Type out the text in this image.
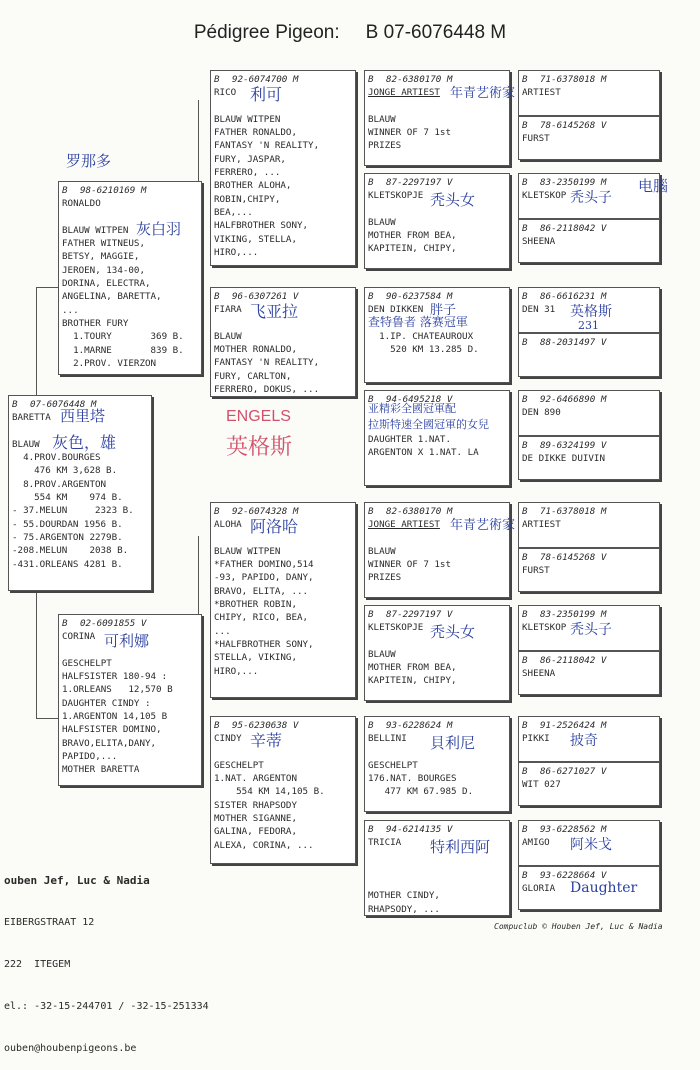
Pédigree Pigeon: B 07-6076448 M
B	07-6076448 M
BARETTA

BLAUW
4.PROV.BOURGES
476 KM 3,628 B.
8.PROV.ARGENTON
554 KM    974 B.
- 37.MELUN     2323 B.
- 55.DOURDAN 1956 B.
- 75.ARGENTON 2279B.
-208.MELUN    2038 B.
-431.ORLEANS 4281 B.
西里塔
灰色，雄
B	98-6210169 M
RONALDO

BLAUW WITPEN
FATHER WITNEUS,
BETSY, MAGGIE,
JEROEN, 134-00,
DORINA, ELECTRA,
ANGELINA, BARETTA,
...
BROTHER FURY
1.TOURY       369 B.
1.MARNE       839 B.
2.PROV. VIERZON
灰白羽
B	02-6091855 V
CORINA

GESCHELPT
HALFSISTER 180-94 :
1.ORLEANS   12,570 B
DAUGHTER CINDY :
1.ARGENTON 14,105 B
HALFSISTER DOMINO,
BRAVO,ELITA,DANY,
PAPIDO,...
MOTHER BARETTA
可利娜
B	92-6074700 M
RICO

BLAUW WITPEN
FATHER RONALDO,
FANTASY 'N REALITY,
FURY, JASPAR,
FERRERO, ...
BROTHER ALOHA,
ROBIN,CHIPY,
BEA,...
HALFBROTHER SONY,
VIKING, STELLA,
HIRO,...
利可
B	96-6307261 V
FIARA

BLAUW
MOTHER RONALDO,
FANTASY 'N REALITY,
FURY, CARLTON,
FERRERO, DOKUS, ...
飞亚拉
B	92-6074328 M
ALOHA

BLAUW WITPEN
*FATHER DOMINO,514
-93, PAPIDO, DANY,
BRAVO, ELITA, ...
*BROTHER ROBIN,
CHIPY, RICO, BEA,
...
*HALFBROTHER SONY,
STELLA, VIKING,
HIRO,...
阿洛哈
B	95-6230638 V
CINDY

GESCHELPT
1.NAT. ARGENTON
554 KM 14,105 B.
SISTER RHAPSODY
MOTHER SIGANNE,
GALINA, FEDORA,
ALEXA, CORINA, ...
辛蒂
B	82-6380170 M
JONGE ARTIEST

BLAUW
WINNER OF 7 1st
PRIZES
年青艺術家
B	87-2297197 V
KLETSKOPJE

BLAUW
MOTHER FROM BEA,
KAPITEIN, CHIPY,
秃头女
B	90-6237584 M
DEN DIKKEN

1.IP. CHATEAUROUX
520 KM 13.285 D.
胖子
查特鲁者 落赛冠軍
B	94-6495218 V

DAUGHTER 1.NAT.
ARGENTON X 1.NAT. LA
亚精彩全國冠軍配
拉斯特速全國冠軍的女兒
B	82-6380170 M
JONGE ARTIEST

BLAUW
WINNER OF 7 1st
PRIZES
年青艺術家
B	87-2297197 V
KLETSKOPJE

BLAUW
MOTHER FROM BEA,
KAPITEIN, CHIPY,
秃头女
B	93-6228624 M
BELLINI

GESCHELPT
176.NAT. BOURGES
477 KM 67.985 D.
貝利尼
B	94-6214135 V
TRICIA

MOTHER CINDY,
RHAPSODY, ...
特利西阿
B	71-6378018 M
ARTIEST
B	78-6145268 V
FURST
B	83-2350199 M
KLETSKOP 秃头子
电腦
B	86-2118042 V
SHEENA
B	86-6616231 M
DEN 31	英格斯
231
B	88-2031497 V

B	92-6466890 M
DEN 890
B	89-6324199 V
DE DIKKE DUIVIN
B	71-6378018 M
ARTIEST
B	78-6145268 V
FURST
B	83-2350199 M
KLETSKOP 秃头子
B	86-2118042 V
SHEENA
B	91-2526424 M
PIKKI	披奇
B	86-6271027 V
WIT 027
B	93-6228562 M
AMIGO	阿米戈
B	93-6228664 V
GLORIA	Daughter
罗那多
ENGELS
英格斯

ouben Jef, Luc & Nadia

EIBERGSTRAAT 12

222  ITEGEM

el.: -32-15-244701 / -32-15-251334

ouben@houbenpigeons.be

Compuclub © Houben Jef, Luc & Nadia
